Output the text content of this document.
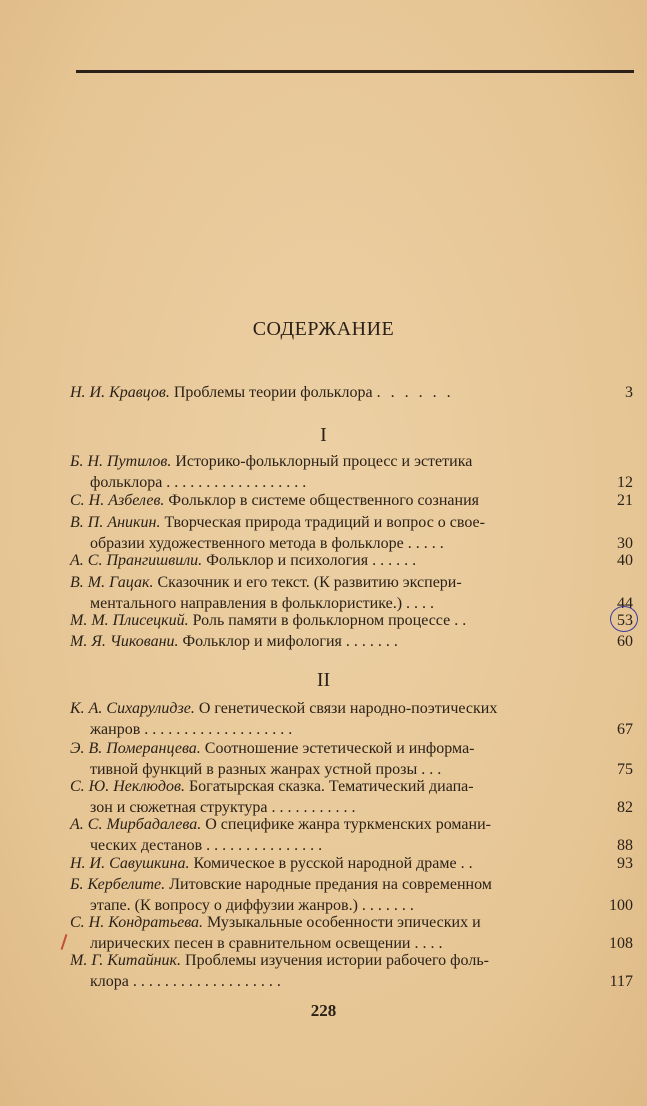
СОДЕРЖАНИЕ
Н. И. Кравцов. Проблемы теории фольклора . . . . . .	3
I
Б. Н. Путилов. Историко-фольклорный процесс и эстетика
фольклора . . . . . . . . . . . . . . . . . .	12
С. Н. Азбелев. Фольклор в системе общественного сознания	21
В. П. Аникин. Творческая природа традиций и вопрос о свое-
образии художественного метода в фольклоре . . . . .	30
А. С. Прангишвили. Фольклор и психология . . . . . .	40
В. М. Гацак. Сказочник и его текст. (К развитию экспери-
ментального направления в фольклористике.) . . . .	44
М. М. Плисецкий. Роль памяти в фольклорном процессе . .	53
М. Я. Чиковани. Фольклор и мифология . . . . . . .	60
II
К. А. Сихарулидзе. О генетической связи народно-поэтических
жанров . . . . . . . . . . . . . . . . . . .	67
Э. В. Померанцева. Соотношение эстетической и информа-
тивной функций в разных жанрах устной прозы . . .	75
С. Ю. Неклюдов. Богатырская сказка. Тематический диапа-
зон и сюжетная структура . . . . . . . . . . .	82
А. С. Мирбадалева. О специфике жанра туркменских романи-
ческих дестанов . . . . . . . . . . . . . . .	88
Н. И. Савушкина. Комическое в русской народной драме . .	93
Б. Кербелите. Литовские народные предания на современном
этапе. (К вопросу о диффузии жанров.) . . . . . . .	100
С. Н. Кондратьева. Музыкальные особенности эпических и
лирических песен в сравнительном освещении . . . .	108
М. Г. Китайник. Проблемы изучения истории рабочего фоль-
клора . . . . . . . . . . . . . . . . . . .	117
228
